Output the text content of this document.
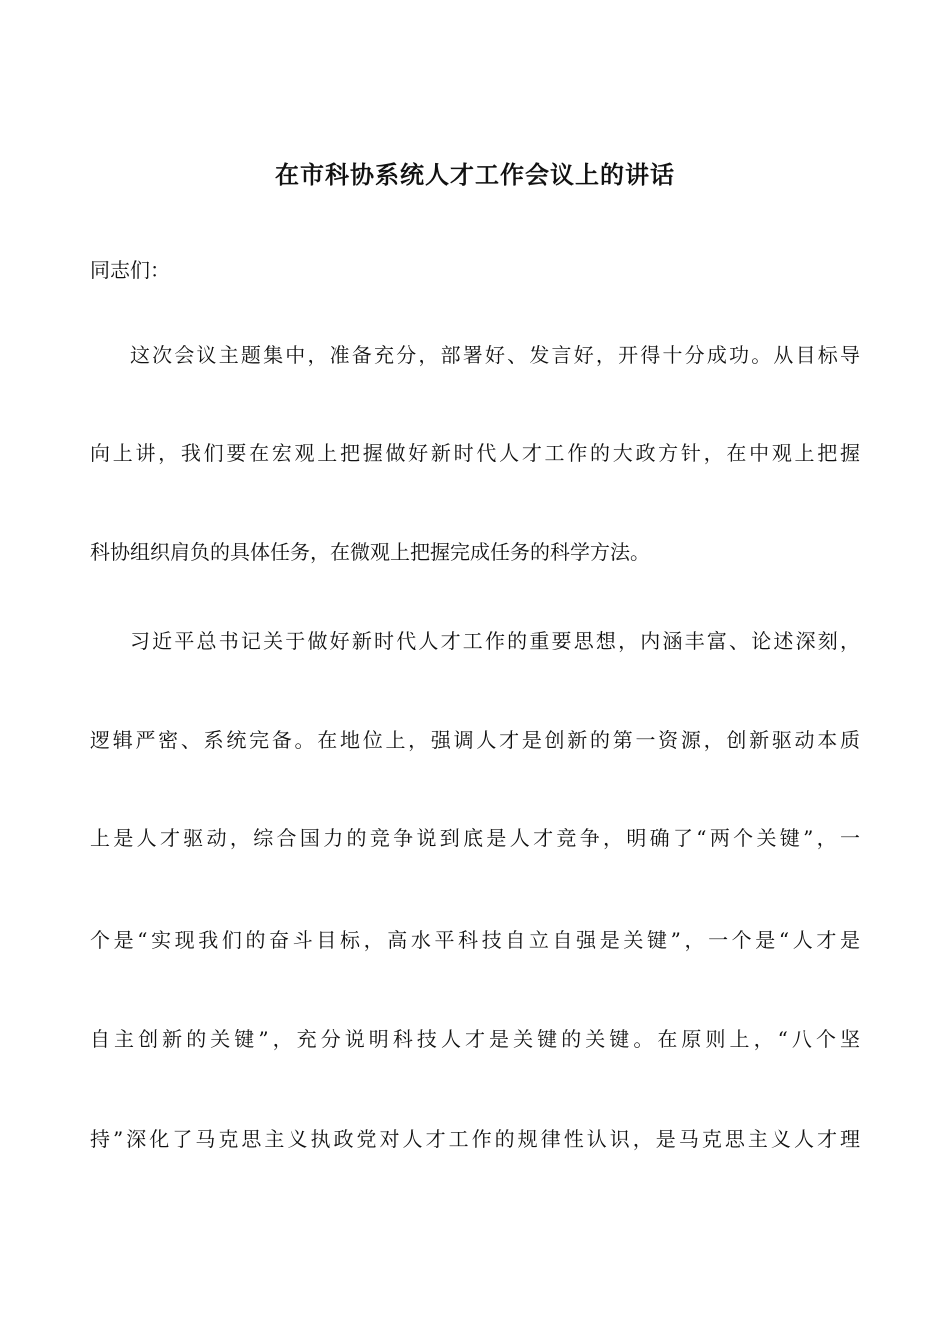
在市科协系统人才工作会议上的讲话
同志们：
这次会议主题集中，准备充分，部署好、发言好，开得十分成功。从目标导
向上讲，我们要在宏观上把握做好新时代人才工作的大政方针，在中观上把握
科协组织肩负的具体任务，在微观上把握完成任务的科学方法。
习近平总书记关于做好新时代人才工作的重要思想，内涵丰富、论述深刻，
逻辑严密、系统完备。在地位上，强调人才是创新的第一资源，创新驱动本质
上是人才驱动，综合国力的竞争说到底是人才竞争，明确了“两个关键”，一
个是“实现我们的奋斗目标，高水平科技自立自强是关键”，一个是“人才是
自主创新的关键”，充分说明科技人才是关键的关键。在原则上，“八个坚
持”深化了马克思主义执政党对人才工作的规律性认识，是马克思主义人才理
